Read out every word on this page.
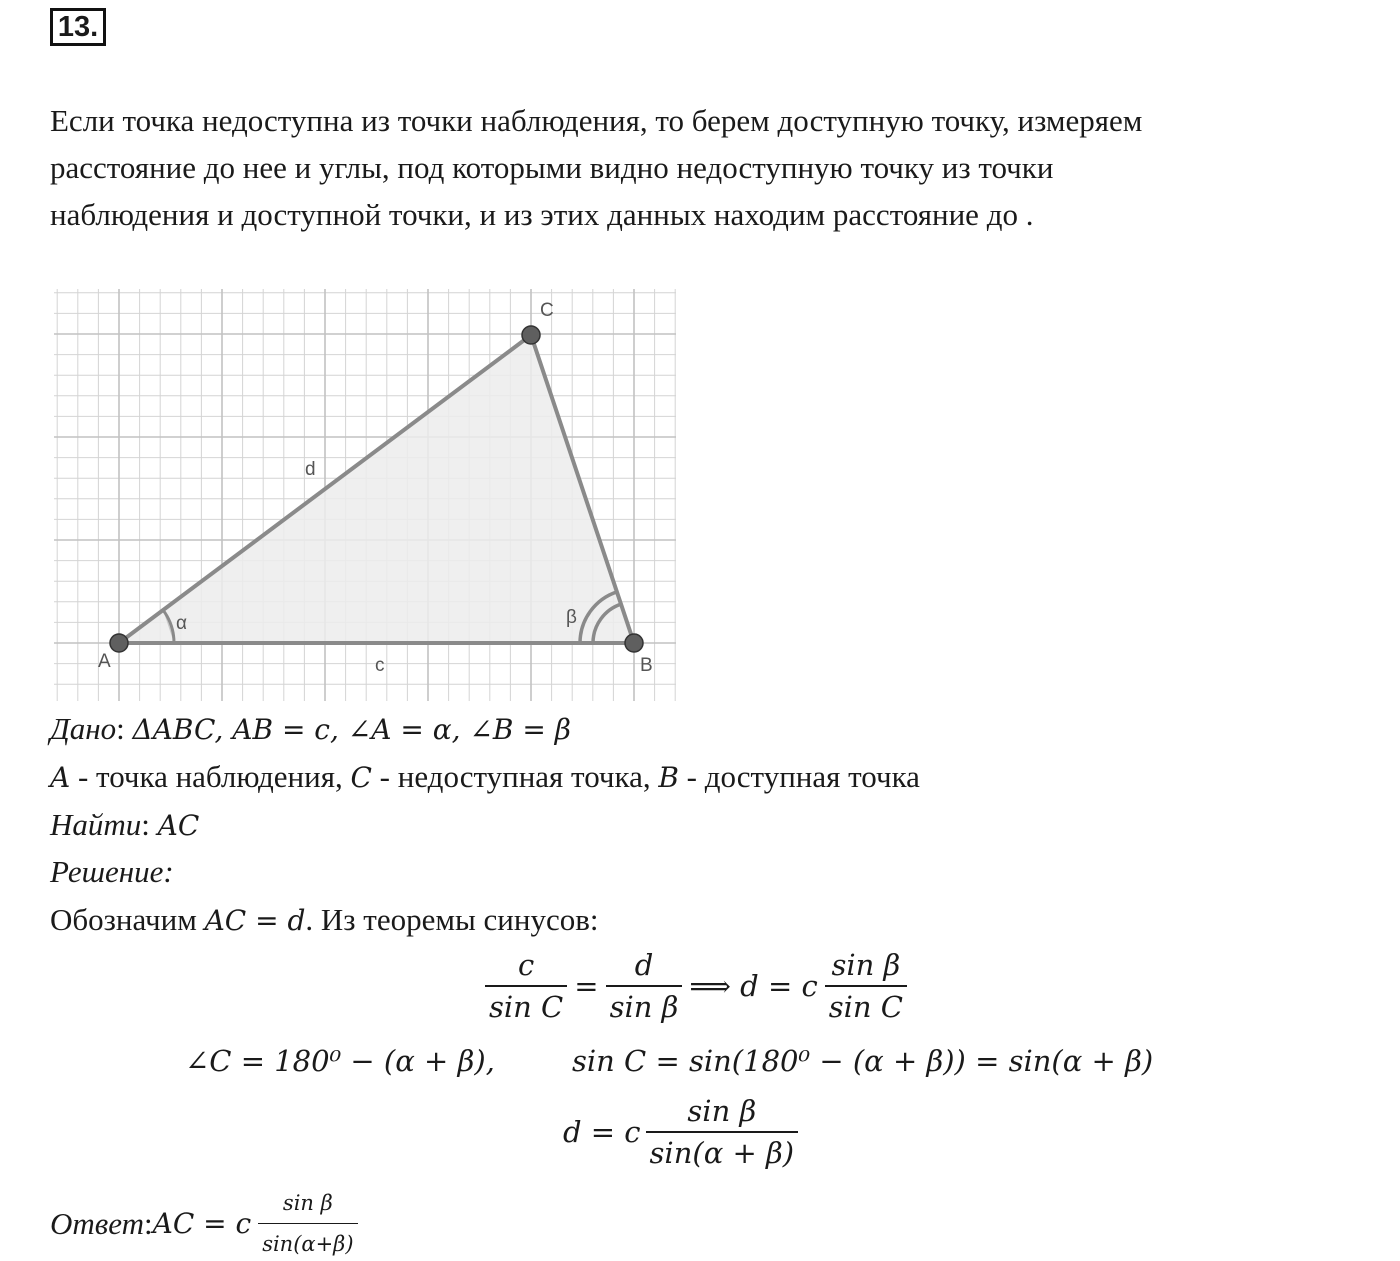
13.
Если точка недоступна из точки наблюдения, то берем доступную точку, измеряем
расстояние до нее и углы, под которыми видно недоступную точку из точки
наблюдения и доступной точки, и из этих данных находим расстояние до .
A	B
C
d
c
α	β
Дано: ΔABC, AB = c, ∠A = α, ∠B = β
A - точка наблюдения, C - недоступная точка, B - доступная точка
Найти: AC
Решение:
Обозначим AC = d. Из теоремы синусов:
$\frac{c}{\text{sin C}} = \frac{d}{\text{sin β}}$ ⟹ d = c $\frac{\text{sin β}}{\text{sin C}}$
∠C = 180⁰ − (α + β),	sin C = sin(180⁰ − (α + β)) = sin(α + β)
d = c $\frac{\text{sin β}}{\sin(\alpha + \beta)}$
Ответ : AC = c $\frac{\text{sin β}}{\sin(\alpha+\beta)}$
